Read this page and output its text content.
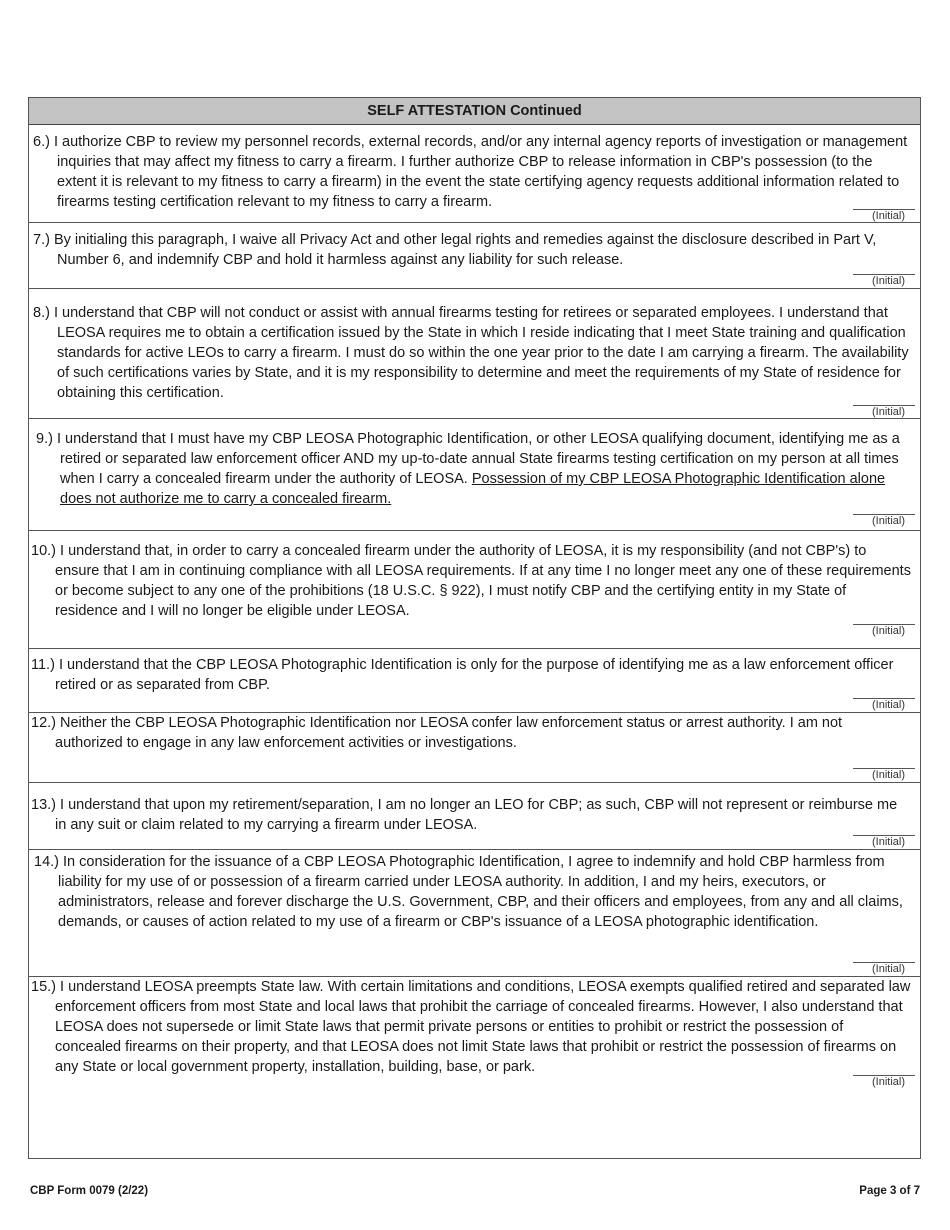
SELF ATTESTATION Continued

6.) I authorize CBP to review my personnel records, external records, and/or any internal agency reports of investigation or management inquiries that may affect my fitness to carry a firearm. I further authorize CBP to release information in CBP's possession (to the extent it is relevant to my fitness to carry a firearm) in the event the state certifying agency requests additional information related to firearms testing certification relevant to my fitness to carry a firearm.

(Initial)

7.) By initialing this paragraph, I waive all Privacy Act and other legal rights and remedies against the disclosure described in Part V, Number 6, and indemnify CBP and hold it harmless against any liability for such release.

(Initial)

8.) I understand that CBP will not conduct or assist with annual firearms testing for retirees or separated employees. I understand that LEOSA requires me to obtain a certification issued by the State in which I reside indicating that I meet State training and qualification standards for active LEOs to carry a firearm. I must do so within the one year prior to the date I am carrying a firearm. The availability of such certifications varies by State, and it is my responsibility to determine and meet the requirements of my State of residence for obtaining this certification.

(Initial)

9.) I understand that I must have my CBP LEOSA Photographic Identification, or other LEOSA qualifying document, identifying me as a retired or separated law enforcement officer AND my up-to-date annual State firearms testing certification on my person at all times when I carry a concealed firearm under the authority of LEOSA. Possession of my CBP LEOSA Photographic Identification alone does not authorize me to carry a concealed firearm.

(Initial)

10.) I understand that, in order to carry a concealed firearm under the authority of LEOSA, it is my responsibility (and not CBP's) to ensure that I am in continuing compliance with all LEOSA requirements. If at any time I no longer meet any one of these requirements or become subject to any one of the prohibitions (18 U.S.C. § 922), I must notify CBP and the certifying entity in my State of residence and I will no longer be eligible under LEOSA.

(Initial)

11.) I understand that the CBP LEOSA Photographic Identification is only for the purpose of identifying me as a law enforcement officer retired or as separated from CBP.

(Initial)

12.) Neither the CBP LEOSA Photographic Identification nor LEOSA confer law enforcement status or arrest authority. I am not authorized to engage in any law enforcement activities or investigations.

(Initial)

13.) I understand that upon my retirement/separation, I am no longer an LEO for CBP; as such, CBP will not represent or reimburse me in any suit or claim related to my carrying a firearm under LEOSA.

(Initial)

14.) In consideration for the issuance of a CBP LEOSA Photographic Identification, I agree to indemnify and hold CBP harmless from liability for my use of or possession of a firearm carried under LEOSA authority. In addition, I and my heirs, executors, or administrators, release and forever discharge the U.S. Government, CBP, and their officers and employees, from any and all claims, demands, or causes of action related to my use of a firearm or CBP's issuance of a LEOSA photographic identification.

(Initial)

15.) I understand LEOSA preempts State law. With certain limitations and conditions, LEOSA exempts qualified retired and separated law enforcement officers from most State and local laws that prohibit the carriage of concealed firearms. However, I also understand that LEOSA does not supersede or limit State laws that permit private persons or entities to prohibit or restrict the possession of concealed firearms on their property, and that LEOSA does not limit State laws that prohibit or restrict the possession of firearms on any State or local government property, installation, building, base, or park.

(Initial)
CBP Form 0079 (2/22)	Page 3 of 7
